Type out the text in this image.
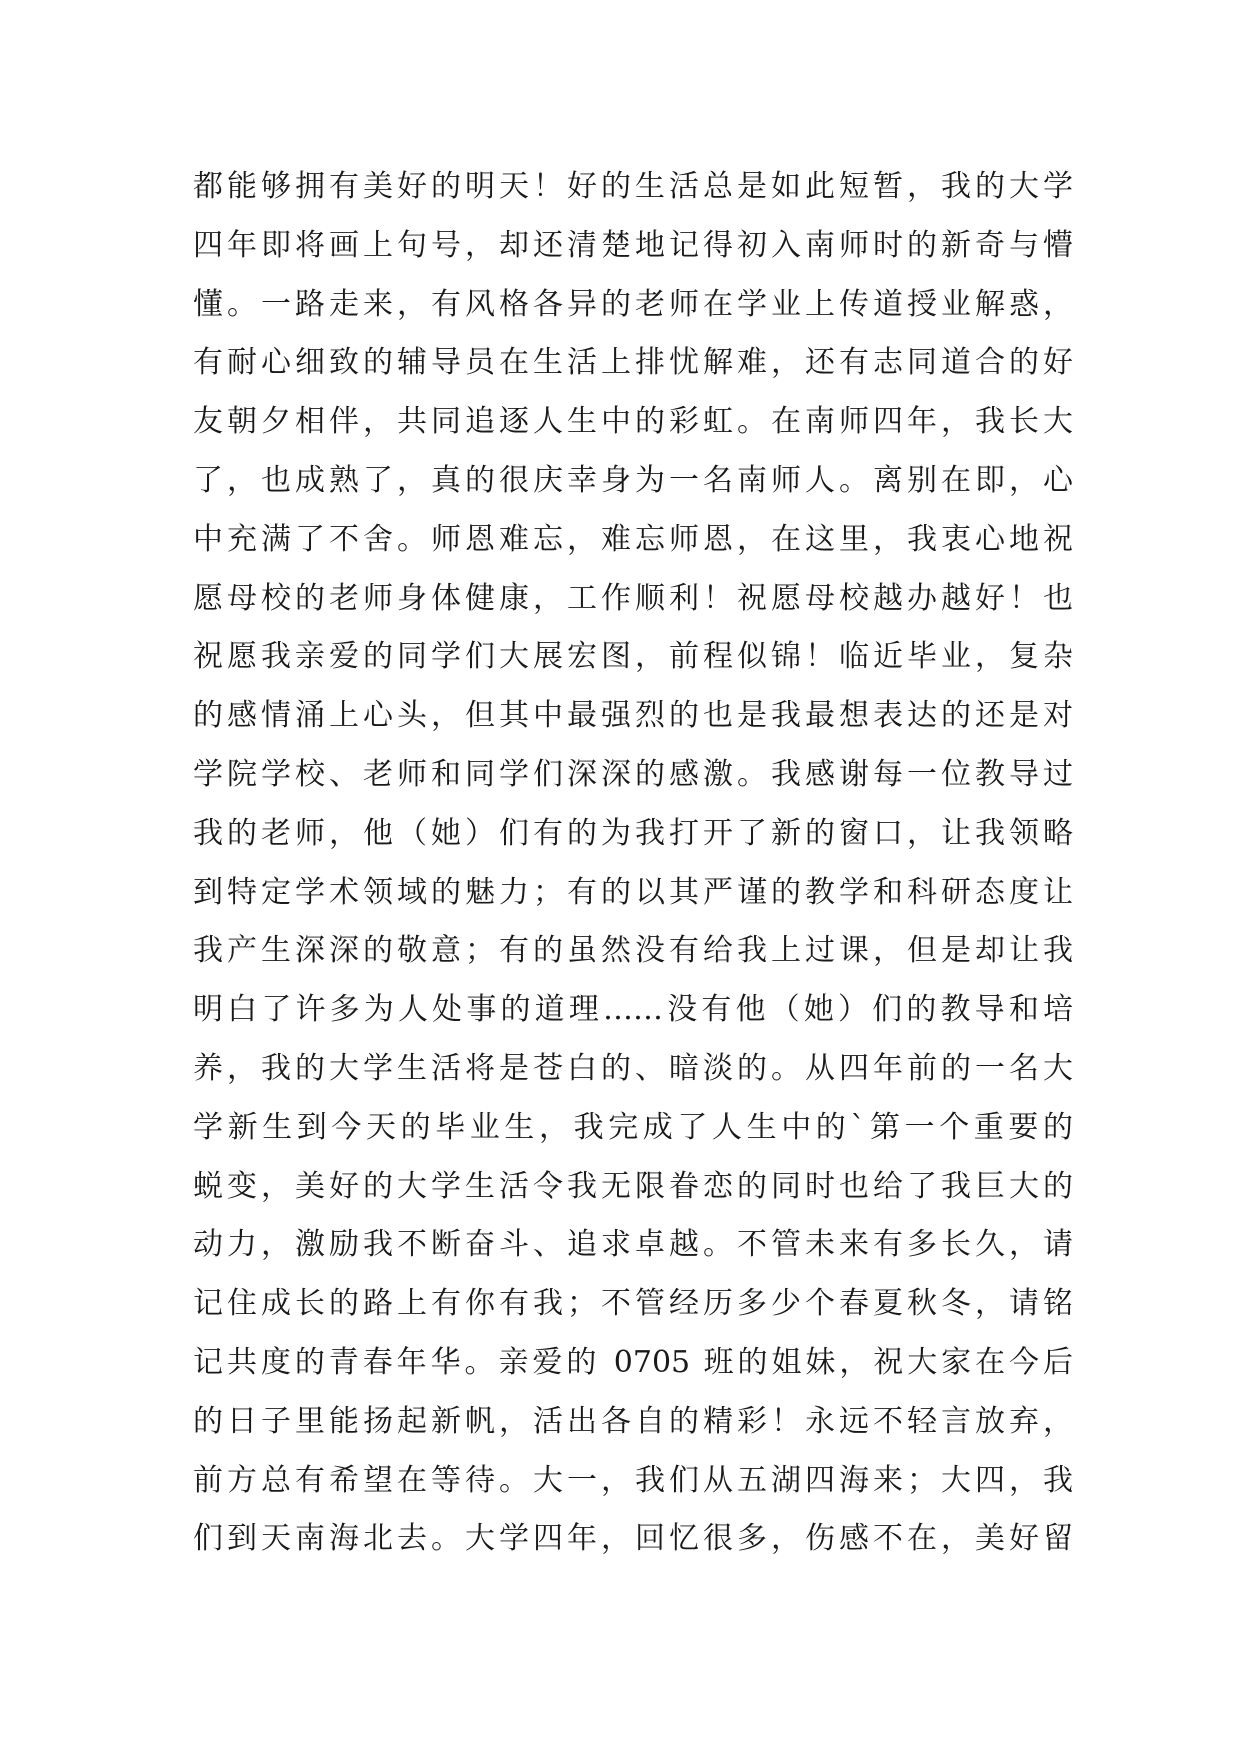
都能够拥有美好的明天！好的生活总是如此短暂，我的大学
四年即将画上句号，却还清楚地记得初入南师时的新奇与懵
懂。一路走来，有风格各异的老师在学业上传道授业解惑，
有耐心细致的辅导员在生活上排忧解难，还有志同道合的好
友朝夕相伴，共同追逐人生中的彩虹。在南师四年，我长大
了，也成熟了，真的很庆幸身为一名南师人。离别在即，心
中充满了不舍。师恩难忘，难忘师恩，在这里，我衷心地祝
愿母校的老师身体健康，工作顺利！祝愿母校越办越好！也
祝愿我亲爱的同学们大展宏图，前程似锦！临近毕业，复杂
的感情涌上心头，但其中最强烈的也是我最想表达的还是对
学院学校、老师和同学们深深的感激。我感谢每一位教导过
我的老师，他（她）们有的为我打开了新的窗口，让我领略
到特定学术领域的魅力；有的以其严谨的教学和科研态度让
我产生深深的敬意；有的虽然没有给我上过课，但是却让我
明白了许多为人处事的道理……没有他（她）们的教导和培
养，我的大学生活将是苍白的、暗淡的。从四年前的一名大
学新生到今天的毕业生，我完成了人生中的`第一个重要的
蜕变，美好的大学生活令我无限眷恋的同时也给了我巨大的
动力，激励我不断奋斗、追求卓越。不管未来有多长久，请
记住成长的路上有你有我；不管经历多少个春夏秋冬，请铭
记共度的青春年华。亲爱的 0705 班的姐妹，祝大家在今后
的日子里能扬起新帆，活出各自的精彩！永远不轻言放弃，
前方总有希望在等待。大一，我们从五湖四海来；大四，我
们到天南海北去。大学四年，回忆很多，伤感不在，美好留
